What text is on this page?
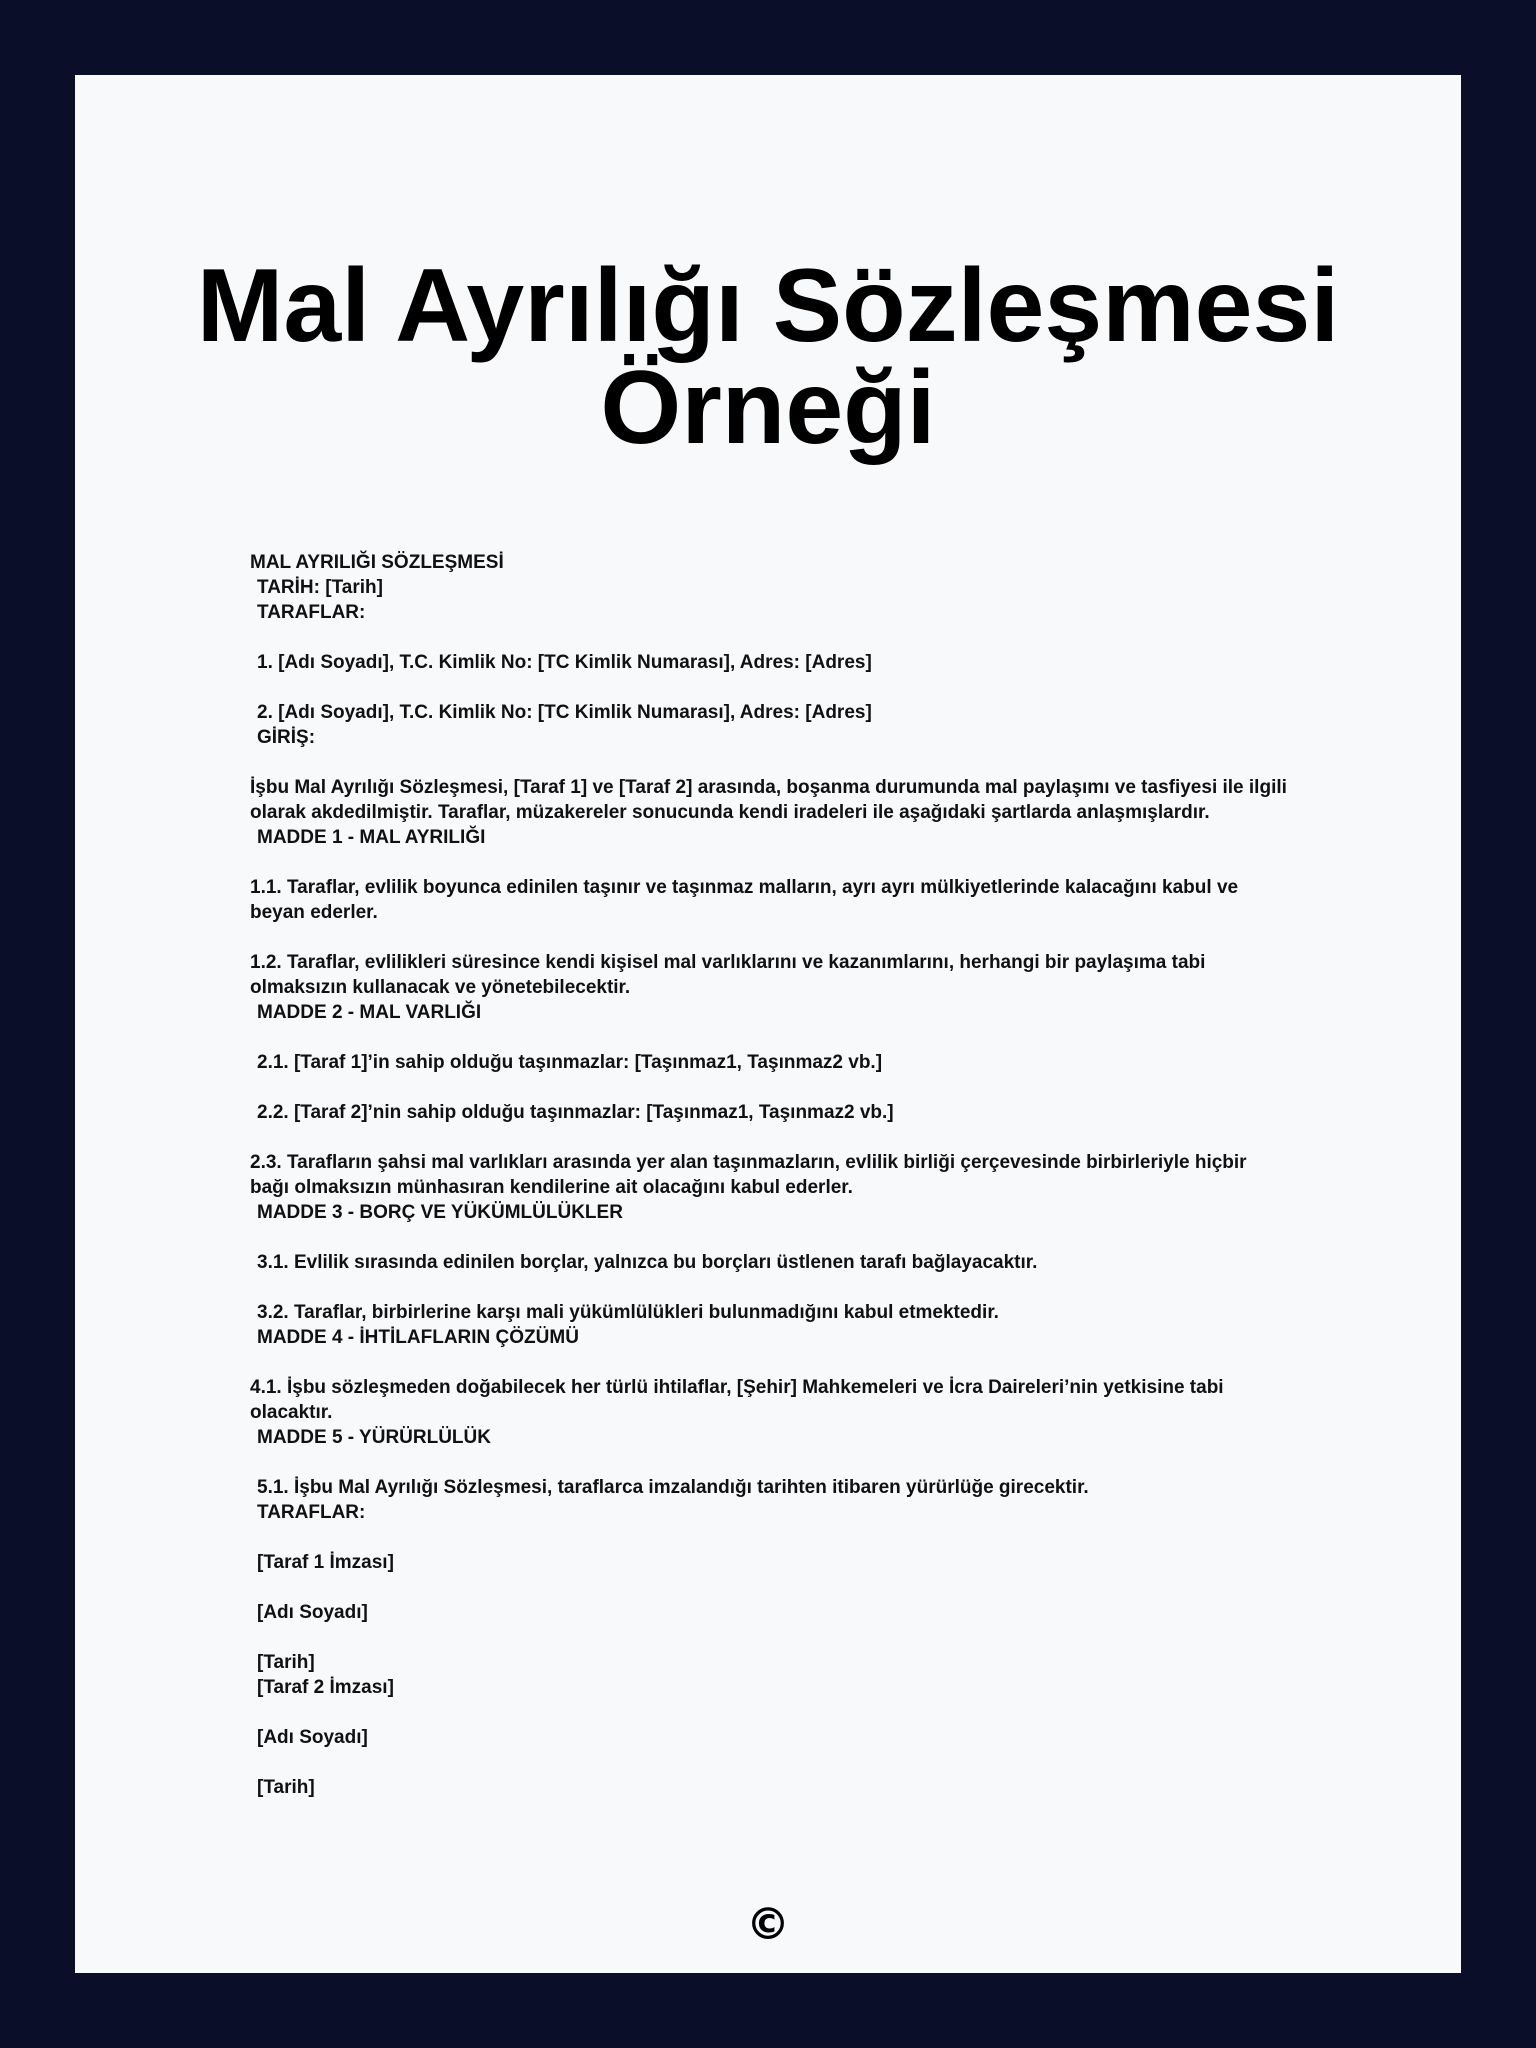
Mal Ayrılığı Sözleşmesi Örneği
MAL AYRILIĞI SÖZLEŞMESİ
TARİH: [Tarih]
TARAFLAR:
1. [Adı Soyadı], T.C. Kimlik No: [TC Kimlik Numarası], Adres: [Adres]
2. [Adı Soyadı], T.C. Kimlik No: [TC Kimlik Numarası], Adres: [Adres]
GİRİŞ:
İşbu Mal Ayrılığı Sözleşmesi, [Taraf 1] ve [Taraf 2] arasında, boşanma durumunda mal paylaşımı ve tasfiyesi ile ilgili olarak akdedilmiştir. Taraflar, müzakereler sonucunda kendi iradeleri ile aşağıdaki şartlarda anlaşmışlardır.
MADDE 1 - MAL AYRILIĞI
1.1. Taraflar, evlilik boyunca edinilen taşınır ve taşınmaz malların, ayrı ayrı mülkiyetlerinde kalacağını kabul ve beyan ederler.
1.2. Taraflar, evlilikleri süresince kendi kişisel mal varlıklarını ve kazanımlarını, herhangi bir paylaşıma tabi olmaksızın kullanacak ve yönetebilecektir.
MADDE 2 - MAL VARLIĞI
2.1. [Taraf 1]’in sahip olduğu taşınmazlar: [Taşınmaz1, Taşınmaz2 vb.]
2.2. [Taraf 2]’nin sahip olduğu taşınmazlar: [Taşınmaz1, Taşınmaz2 vb.]
2.3. Tarafların şahsi mal varlıkları arasında yer alan taşınmazların, evlilik birliği çerçevesinde birbirleriyle hiçbir bağı olmaksızın münhasıran kendilerine ait olacağını kabul ederler.
MADDE 3 - BORÇ VE YÜKÜMLÜLÜKLER
3.1. Evlilik sırasında edinilen borçlar, yalnızca bu borçları üstlenen tarafı bağlayacaktır.
3.2. Taraflar, birbirlerine karşı mali yükümlülükleri bulunmadığını kabul etmektedir.
MADDE 4 - İHTİLAFLARIN ÇÖZÜMÜ
4.1. İşbu sözleşmeden doğabilecek her türlü ihtilaflar, [Şehir] Mahkemeleri ve İcra Daireleri’nin yetkisine tabi olacaktır.
MADDE 5 - YÜRÜRLÜLÜK
5.1. İşbu Mal Ayrılığı Sözleşmesi, taraflarca imzalandığı tarihten itibaren yürürlüğe girecektir.
TARAFLAR:
[Taraf 1 İmzası]
[Adı Soyadı]
[Tarih]
[Taraf 2 İmzası]
[Adı Soyadı]
[Tarih]
©
